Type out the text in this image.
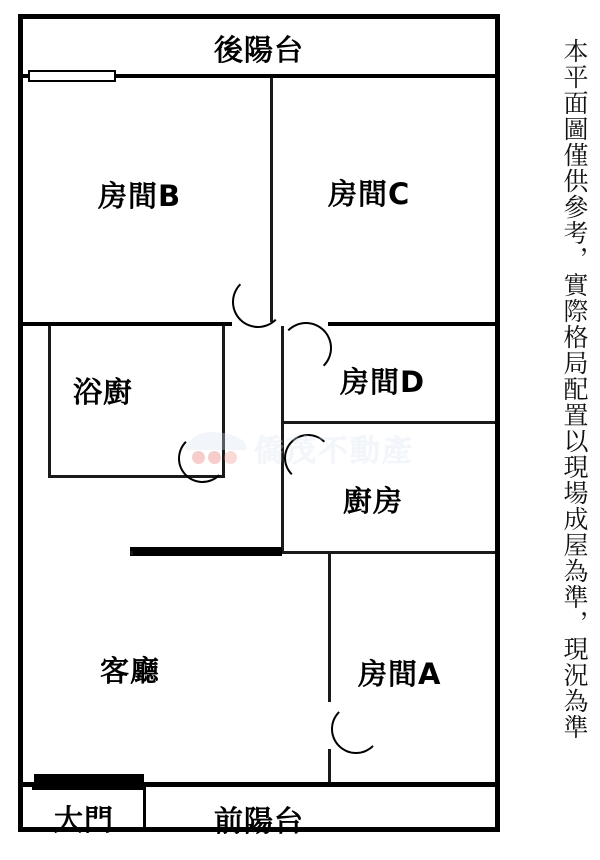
後陽台
房間B	房間C
浴廚	房間D
廚房
客廳	房間A
前陽台
大門
僑茂不動產	本平面圖僅供參考，實際格局配置以現場成屋為準，現況為準
